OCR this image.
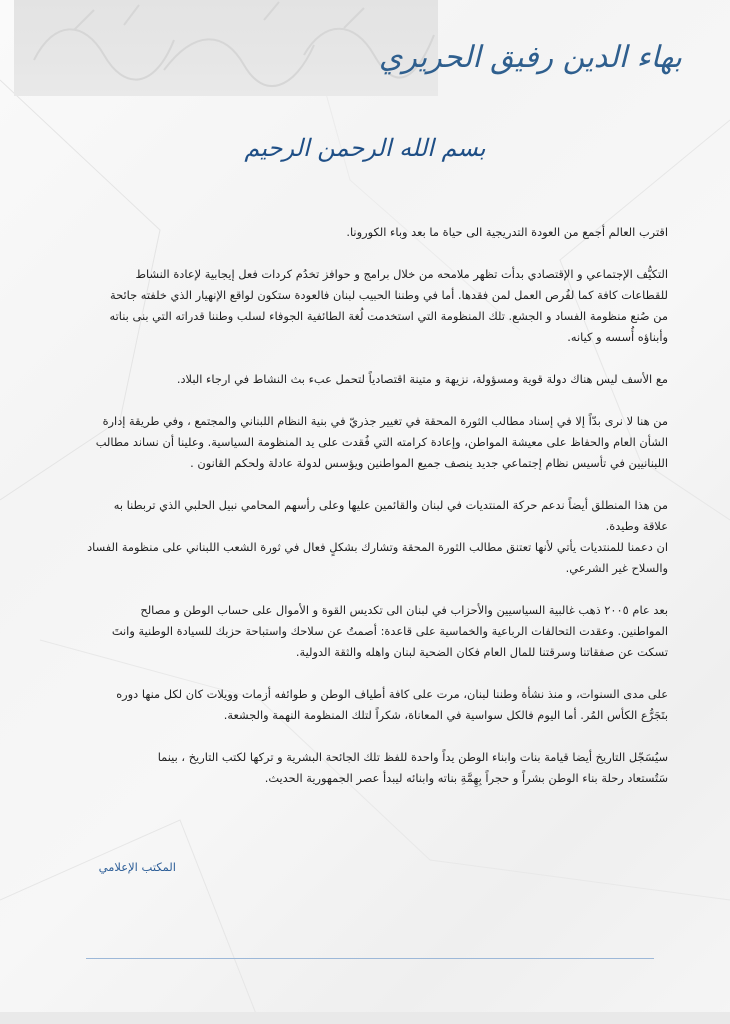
بهاء الدين رفيق الحريري
بسم الله الرحمن الرحيم

اقترب العالم أجمع من العودة التدريجية الى حياة ما بعد وباء الكورونا.

التكيُّف الإجتماعي و الإقتصادي بدأت تظهر ملامحه من خلال برامج و حوافز تخدُم كردات فعل إيجابية لإعادة النشاط
للقطاعات كافة كما لفُرص العمل لمن فقدها. أما في وطننا الحبيب لبنان فالعودة ستكون لواقع الإنهيار الذي خلفته جائحة
من صُنع منظومة الفساد و الجشع. تلك المنظومة التي استخدمت لُغة الطائفية الجوفاء لسلب وطننا قدراته التي بنى بناته
وأبناؤه أُسسه و كيانه.

مع الأسف ليس هناك دولة قوية ومسؤولة، نزيهة و متينة اقتصادياً لتحمل عبء بث النشاط في ارجاء البلاد.

من هنا لا نرى بدّاً إلا في إسناد مطالب الثورة المحقة في تغيير جذريّ في بنية النظام اللبناني والمجتمع ، وفي طريقة إدارة
الشأن العام والحفاظ على معيشة المواطن، وإعادة كرامته التي فُقدت على يد المنظومة السياسية. وعلينا أن نساند مطالب
اللبنانيين في تأسيس نظام إجتماعي جديد ينصف جميع المواطنين ويؤسس لدولة عادلة ولحكم القانون .

من هذا المنطلق أيضاً ندعم حركة المنتديات في لبنان والقائمين عليها وعلى رأسهم المحامي نبيل الحلبي الذي تربطنا به
علاقة وطيدة.
ان دعمنا للمنتديات يأتي لأنها تعتنق مطالب الثورة المحقة وتشارك بشكلٍ فعال في ثورة الشعب اللبناني على منظومة الفساد
والسلاح غير الشرعي.

بعد عام ٢٠٠٥ ذهب غالبية السياسيين والأحزاب في لبنان الى تكديس القوة و الأموال على حساب الوطن و مصالح
المواطنين. وعقدت التحالفات الرباعية والخماسية على قاعدة: أصمتُ عن سلاحك واستباحة حزبك للسيادة الوطنية وانتَ
تسكت عن صفقاتنا وسرقتنا للمال العام فكان الضحية لبنان واهله والثقة الدولية.

على مدى السنوات، و منذ نشأة وطننا لبنان، مرت على كافة أطياف الوطن و طوائفه أزمات وويلات كان لكل منها دوره
بتَجَرُّع الكأس المُر. أما اليوم فالكل سواسية في المعاناة، شكراً لتلك المنظومة النهمة والجشعة.

سيُسَجّل التاريخ أيضا قيامة بنات وابناء الوطن يداً واحدة للفظ تلك الجائحة البشرية و تركها لكتب التاريخ ، بينما
سَتُستعاد رحلة بناء الوطن بشراً و حجراً بِهِمَّةِ بناته وابنائه ليبدأ عصر الجمهورية الحديث.

المكتب الإعلامي
